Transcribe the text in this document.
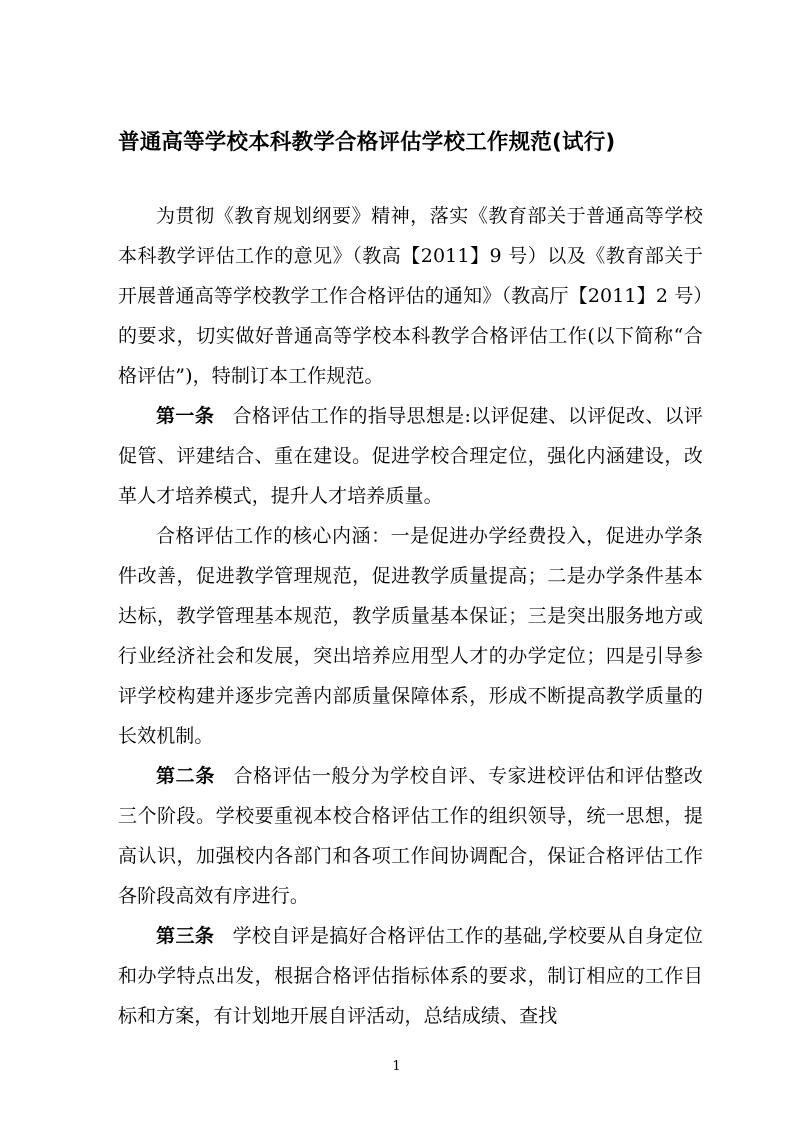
普通高等学校本科教学合格评估学校工作规范(试行)

为贯彻《教育规划纲要》精神，落实《教育部关于普通高等学校本科教学评估工作的意见》（教高【2011】9 号）以及《教育部关于开展普通高等学校教学工作合格评估的通知》（教高厅【2011】2 号）的要求，切实做好普通高等学校本科教学合格评估工作(以下简称“合格评估”)，特制订本工作规范。

第一条 合格评估工作的指导思想是:以评促建、以评促改、以评促管、评建结合、重在建设。促进学校合理定位，强化内涵建设，改革人才培养模式，提升人才培养质量。

合格评估工作的核心内涵：一是促进办学经费投入，促进办学条件改善，促进教学管理规范，促进教学质量提高；二是办学条件基本达标，教学管理基本规范，教学质量基本保证；三是突出服务地方或行业经济社会和发展，突出培养应用型人才的办学定位；四是引导参评学校构建并逐步完善内部质量保障体系，形成不断提高教学质量的长效机制。

第二条 合格评估一般分为学校自评、专家进校评估和评估整改三个阶段。学校要重视本校合格评估工作的组织领导，统一思想，提高认识，加强校内各部门和各项工作间协调配合，保证合格评估工作各阶段高效有序进行。

第三条 学校自评是搞好合格评估工作的基础,学校要从自身定位和办学特点出发，根据合格评估指标体系的要求，制订相应的工作目标和方案，有计划地开展自评活动，总结成绩、查找

1
